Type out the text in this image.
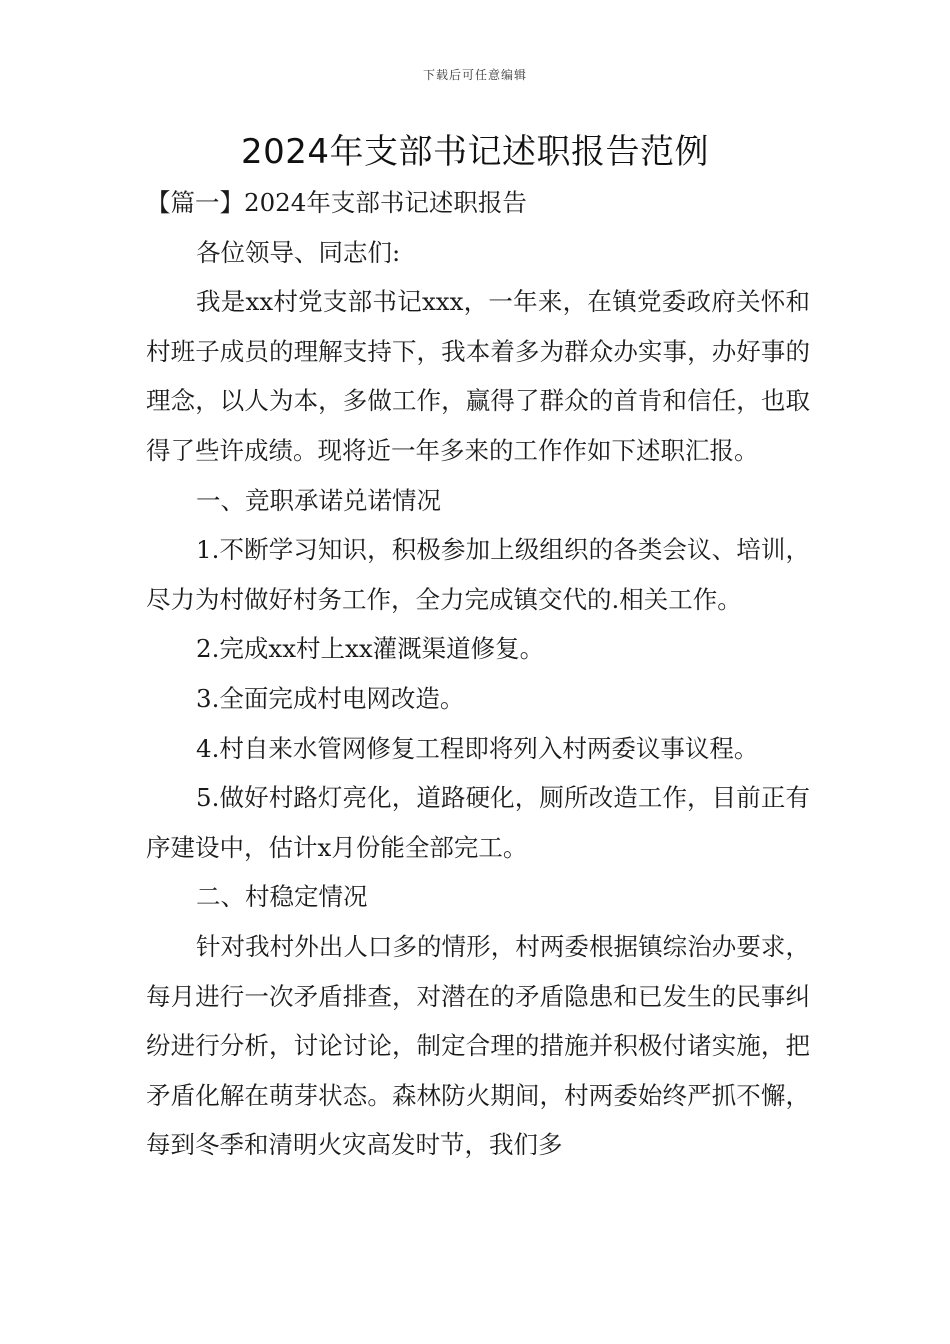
下载后可任意编辑
2024年支部书记述职报告范例

【篇一】2024年支部书记述职报告

各位领导、同志们:

我是xx村党支部书记xxx，一年来，在镇党委政府关怀和村班子成员的理解支持下，我本着多为群众办实事，办好事的理念，以人为本，多做工作，赢得了群众的首肯和信任，也取得了些许成绩。现将近一年多来的工作作如下述职汇报。

一、竞职承诺兑诺情况

1.不断学习知识，积极参加上级组织的各类会议、培训，尽力为村做好村务工作，全力完成镇交代的.相关工作。

2.完成xx村上xx灌溉渠道修复。

3.全面完成村电网改造。

4.村自来水管网修复工程即将列入村两委议事议程。

5.做好村路灯亮化，道路硬化，厕所改造工作，目前正有序建设中，估计x月份能全部完工。

二、村稳定情况

针对我村外出人口多的情形，村两委根据镇综治办要求，每月进行一次矛盾排查，对潜在的矛盾隐患和已发生的民事纠纷进行分析，讨论讨论，制定合理的措施并积极付诸实施，把矛盾化解在萌芽状态。森林防火期间，村两委始终严抓不懈，每到冬季和清明火灾高发时节，我们多
